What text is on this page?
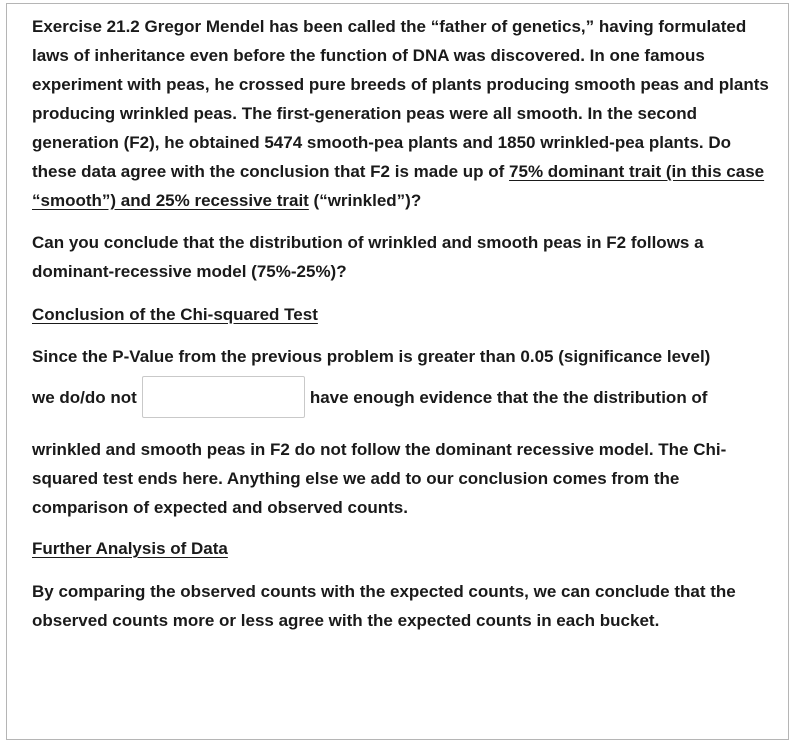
Exercise 21.2 Gregor Mendel has been called the “father of genetics,” having formulated laws of inheritance even before the function of DNA was discovered. In one famous experiment with peas, he crossed pure breeds of plants producing smooth peas and plants producing wrinkled peas. The first-generation peas were all smooth. In the second generation (F2), he obtained 5474 smooth-pea plants and 1850 wrinkled-pea plants. Do these data agree with the conclusion that F2 is made up of 75% dominant trait (in this case “smooth”) and 25% recessive trait (“wrinkled”)?

Can you conclude that the distribution of wrinkled and smooth peas in F2 follows a dominant-recessive model (75%-25%)?

Conclusion of the Chi-squared Test

Since the P-Value from the previous problem is greater than 0.05 (significance level)

we do/do not	have enough evidence that the the distribution of

wrinkled and smooth peas in F2 do not follow the dominant recessive model. The Chi-squared test ends here. Anything else we add to our conclusion comes from the comparison of expected and observed counts.

Further Analysis of Data

By comparing the observed counts with the expected counts, we can conclude that the observed counts more or less agree with the expected counts in each bucket.
